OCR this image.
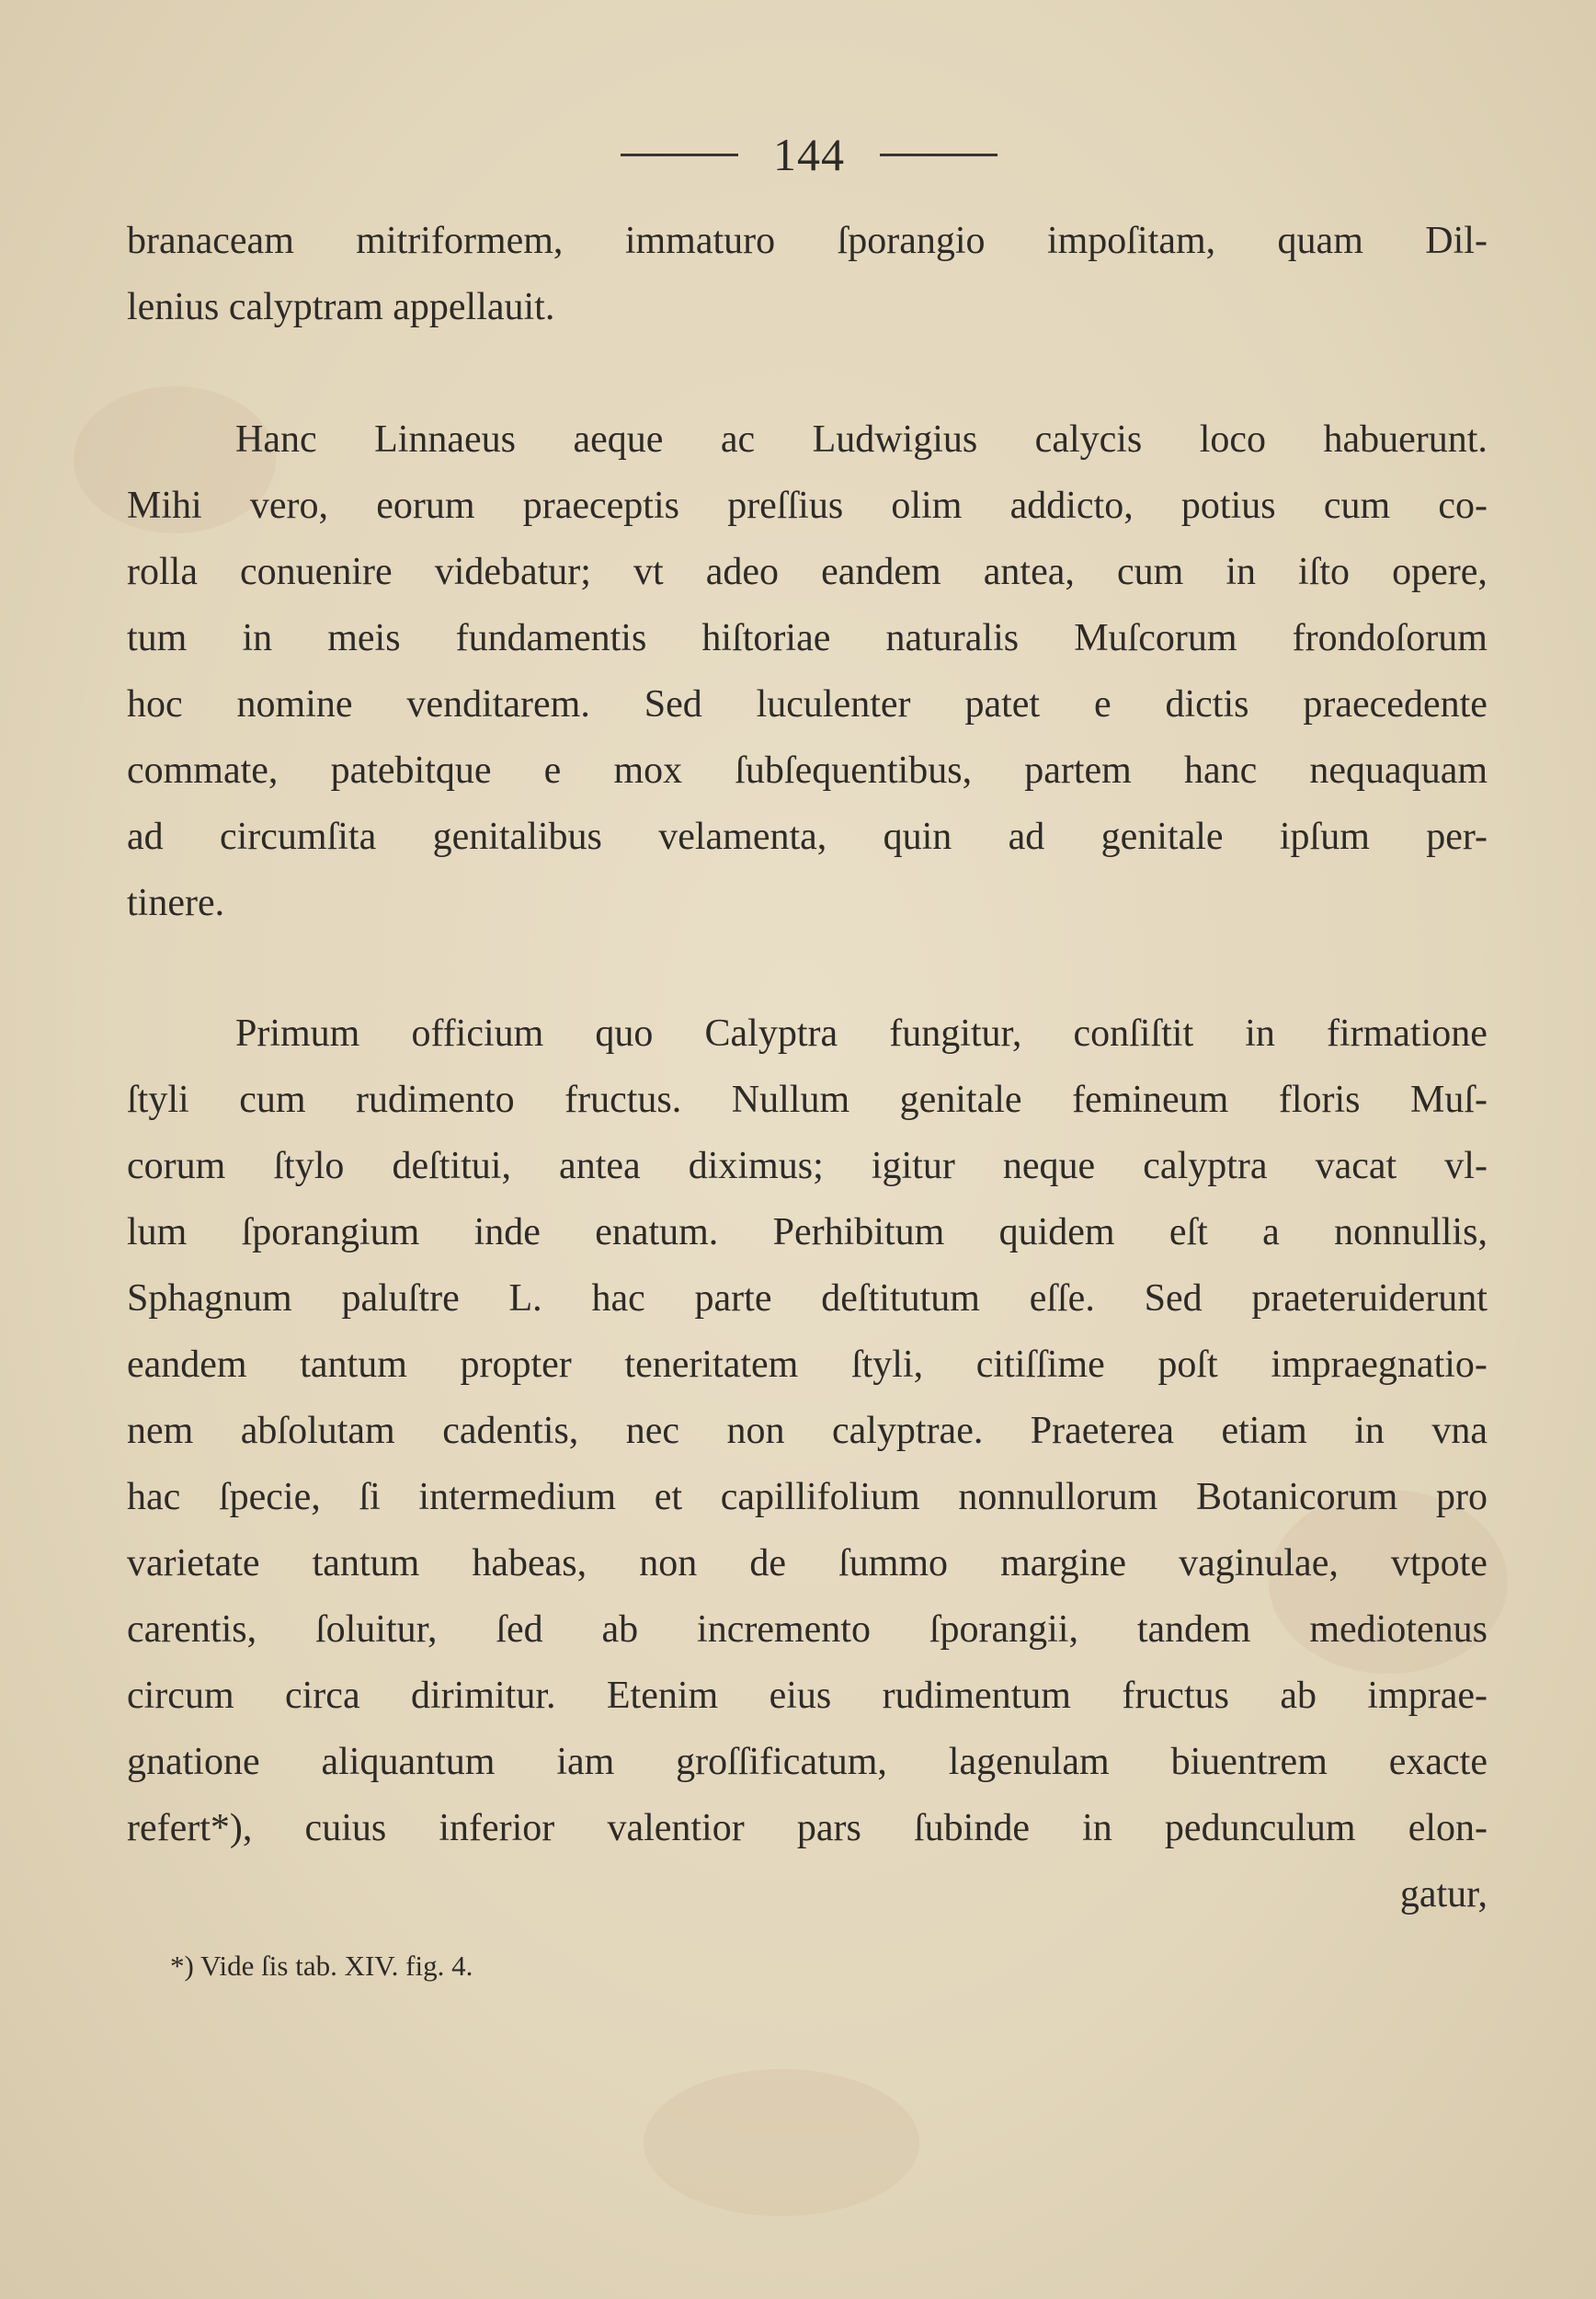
144
branaceam mitriformem, immaturo ſporangio impoſitam, quam Dil-
lenius calyptram appellauit.
Hanc Linnaeus aeque ac Ludwigius calycis loco habuerunt.
Mihi vero, eorum praeceptis preſſius olim addicto, potius cum co-
rolla conuenire videbatur; vt adeo eandem antea, cum in iſto opere,
tum in meis fundamentis hiſtoriae naturalis Muſcorum frondoſorum
hoc nomine venditarem. Sed luculenter patet e dictis praecedente
commate, patebitque e mox ſubſequentibus, partem hanc nequaquam
ad circumſita genitalibus velamenta, quin ad genitale ipſum per-
tinere.
Primum officium quo Calyptra fungitur, conſiſtit in firmatione
ſtyli cum rudimento fructus. Nullum genitale femineum floris Muſ-
corum ſtylo deſtitui, antea diximus; igitur neque calyptra vacat vl-
lum ſporangium inde enatum. Perhibitum quidem eſt a nonnullis,
Sphagnum paluſtre L. hac parte deſtitutum eſſe. Sed praeteruiderunt
eandem tantum propter teneritatem ſtyli, citiſſime poſt impraegnatio-
nem abſolutam cadentis, nec non calyptrae. Praeterea etiam in vna
hac ſpecie, ſi intermedium et capillifolium nonnullorum Botanicorum pro
varietate tantum habeas, non de ſummo margine vaginulae, vtpote
carentis, ſoluitur, ſed ab incremento ſporangii, tandem mediotenus
circum circa dirimitur. Etenim eius rudimentum fructus ab imprae-
gnatione aliquantum iam groſſificatum, lagenulam biuentrem exacte
refert*), cuius inferior valentior pars ſubinde in pedunculum elon-
gatur,
*) Vide ſis tab. XIV. fig. 4.
